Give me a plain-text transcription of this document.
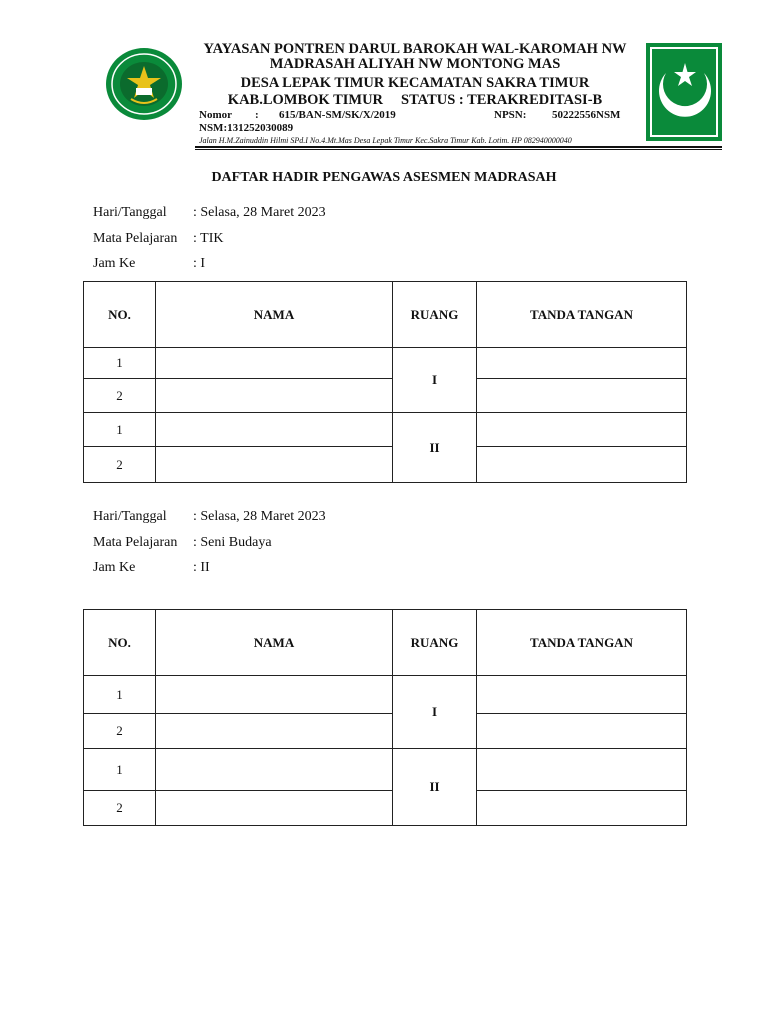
YAYASAN PONTREN DARUL BAROKAH WAL-KAROMAH NW
MADRASAH ALIYAH NW MONTONG MAS
DESA LEPAK TIMUR KECAMATAN SAKRA TIMUR
KAB.LOMBOK TIMUR STATUS : TERAKREDITASI-B
Nomor : 615/BAN-SM/SK/X/2019	NPSN: 50222556NSM
NSM:131252030089
Jalan H.M.Zainuddin Hilmi SPd.I No.4.Mt.Mas Desa Lepak Timur Kec.Sakra Timur Kab. Lotim. HP 082940000040
DAFTAR HADIR PENGAWAS ASESMEN MADRASAH
Hari/Tanggal : Selasa, 28 Maret 2023
Mata Pelajaran : TIK
Jam Ke	: I
NO.	NAMA	RUANG	TANDA TANGAN
1		I	
2			
1		II	
2			
Hari/Tanggal : Selasa, 28 Maret 2023
Mata Pelajaran : Seni Budaya
Jam Ke	: II
NO.	NAMA	RUANG	TANDA TANGAN
1		I	
2			
1		II	
2			
